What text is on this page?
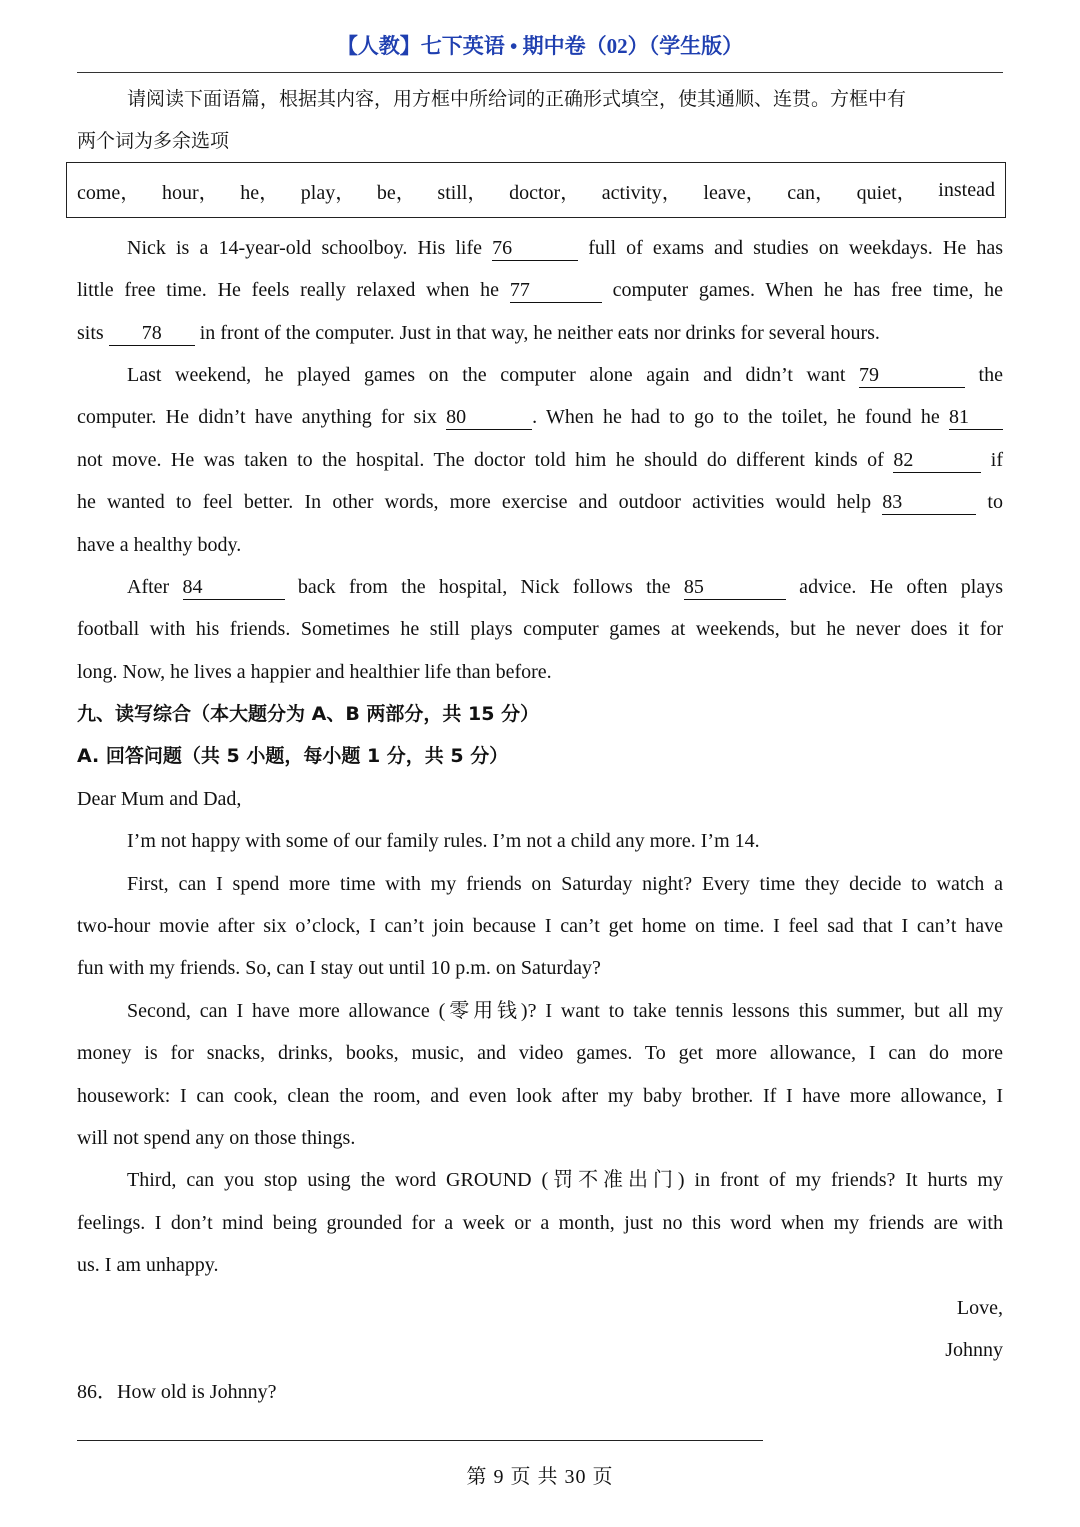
【人教】七下英语 • 期中卷（02）（学生版）
come， hour， he， play， be， still， doctor， activity， leave， can， quiet， instead
请阅读下面语篇，根据其内容，用方框中所给词的正确形式填空，使其通顺、连贯。方框中有
两个词为多余选项
Nick is a 14-year-old schoolboy. His life 76	full of exams and studies on weekdays. He has
little free time. He feels really relaxed when he 77	computer games. When he has free time, he
sits 78 in front of the computer. Just in that way, he neither eats nor drinks for several hours.
Last weekend, he played games on the computer alone again and didn’t want 79	the
computer. He didn’t have anything for six 80	. When he had to go to the toilet, he found he 81
not move. He was taken to the hospital. The doctor told him he should do different kinds of 82	if
he wanted to feel better. In other words, more exercise and outdoor activities would help 83	to
have a healthy body.
After 84	back from the hospital, Nick follows the 85	advice. He often plays
football with his friends. Sometimes he still plays computer games at weekends, but he never does it for
long. Now, he lives a happier and healthier life than before.
九、读写综合（本大题分为 A、B 两部分，共 15 分）
A. 回答问题（共 5 小题，每小题 1 分，共 5 分）
Dear Mum and Dad,
I’m not happy with some of our family rules. I’m not a child any more. I’m 14.
First, can I spend more time with my friends on Saturday night? Every time they decide to watch a
two-hour movie after six o’clock, I can’t join because I can’t get home on time. I feel sad that I can’t have
fun with my friends. So, can I stay out until 10 p.m. on Saturday?
Second, can I have more allowance (零用钱)? I want to take tennis lessons this summer, but all my
money is for snacks, drinks, books, music, and video games. To get more allowance, I can do more
housework: I can cook, clean the room, and even look after my baby brother. If I have more allowance, I
will not spend any on those things.
Third, can you stop using the word GROUND (罚不准出门) in front of my friends? It hurts my
feelings. I don’t mind being grounded for a week or a month, just no this word when my friends are with
us. I am unhappy.
Love,
Johnny
86．How old is Johnny?
第 9 页 共 30 页
